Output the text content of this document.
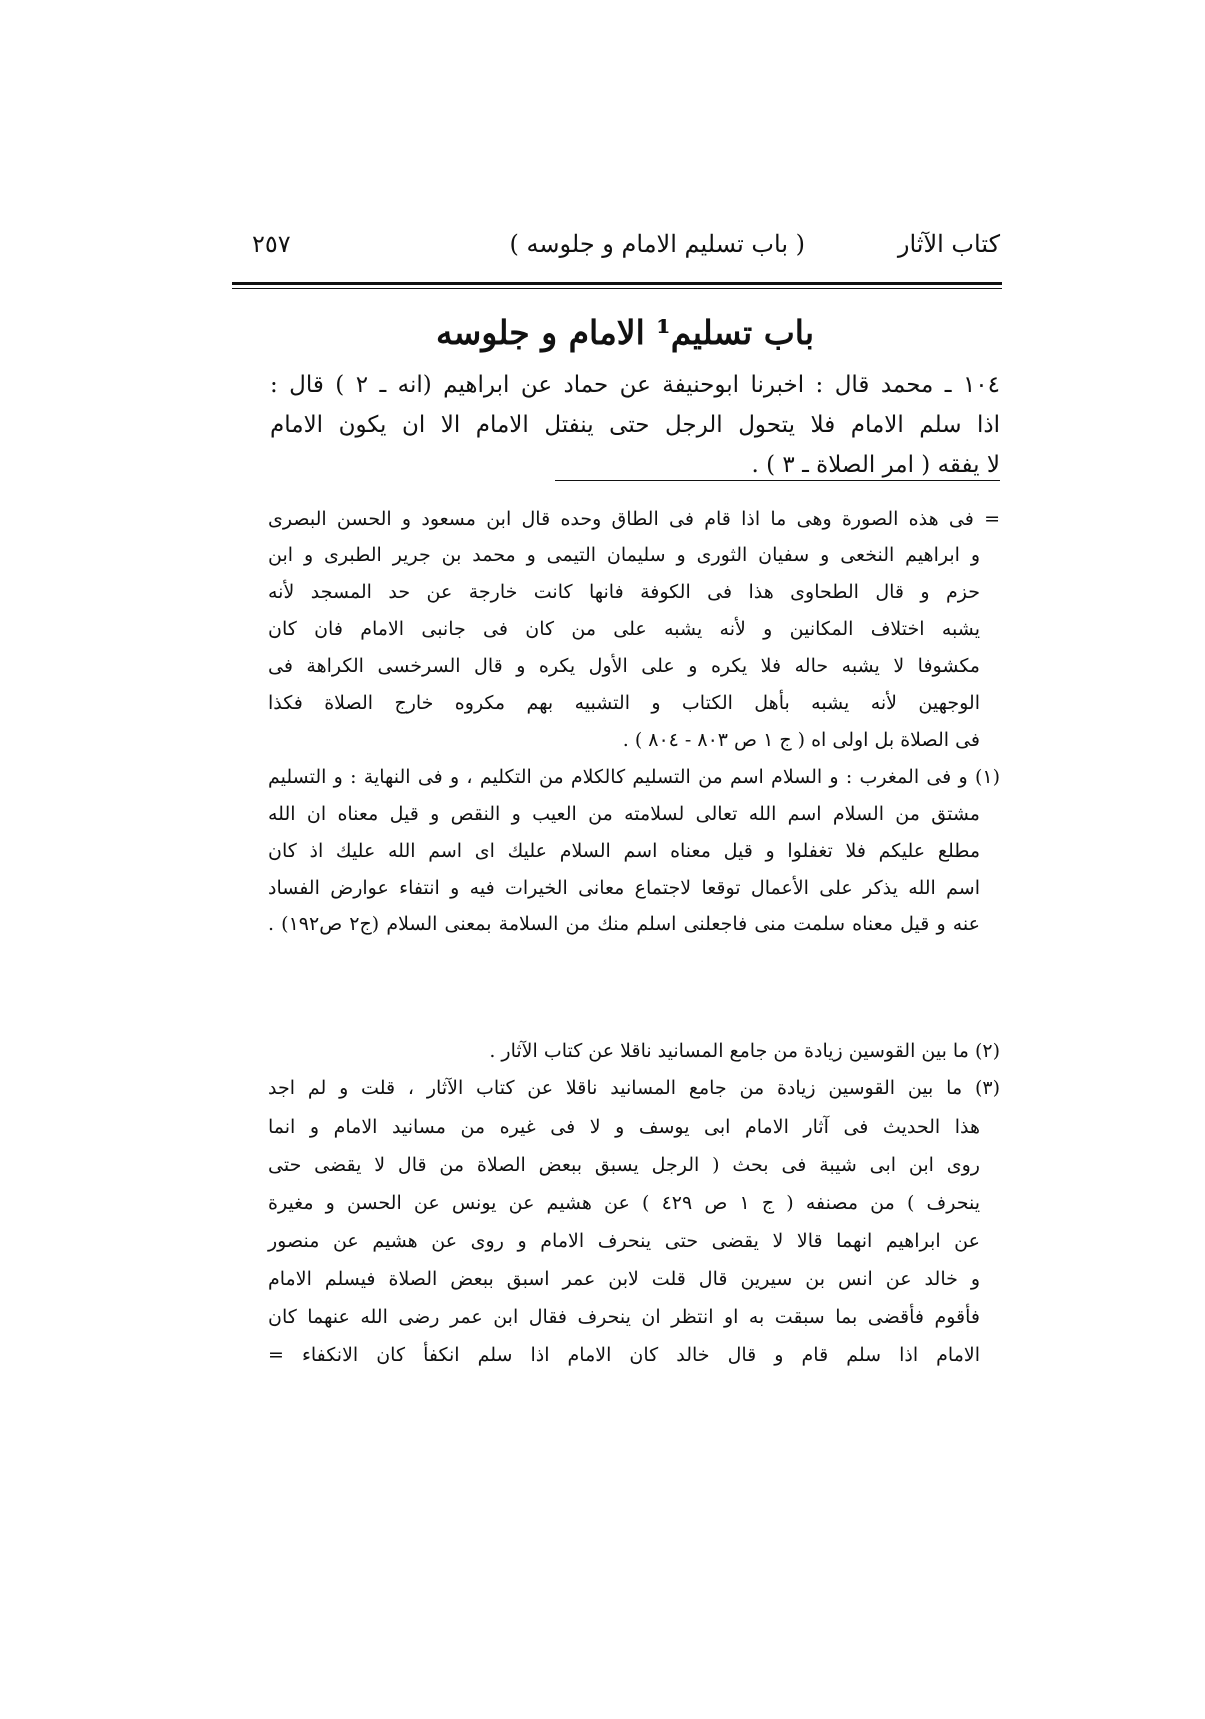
كتاب الآثار
( باب تسليم الامام و جلوسه )
٢٥٧
باب تسليم¹ الامام و جلوسه
١٠٤ ـ محمد قال : اخبرنا ابوحنيفة عن حماد عن ابراهيم (انه ـ ٢ ) قال :
اذا سلم الامام فلا يتحول الرجل حتى ينفتل الامام الا ان يكون الامام
لا يفقه ( امر الصلاة ـ ٣ ) .
= فى هذه الصورة وهى ما اذا قام فى الطاق وحده قال ابن مسعود و الحسن البصرى
و ابراهيم النخعى و سفيان الثورى و سليمان التيمى و محمد بن جرير الطبرى و ابن
حزم و قال الطحاوى هذا فى الكوفة فانها كانت خارجة عن حد المسجد لأنه
يشبه اختلاف المكانين و لأنه يشبه على من كان فى جانبى الامام فان كان
مكشوفا لا يشبه حاله فلا يكره و على الأول يكره و قال السرخسى الكراهة فى
الوجهين لأنه يشبه بأهل الكتاب و التشبيه بهم مكروه خارج الصلاة فكذا
فى الصلاة بل اولى اه ( ج ١ ص ٨٠٣ - ٨٠٤ ) .
(١) و فى المغرب : و السلام اسم من التسليم كالكلام من التكليم ، و فى النهاية : و التسليم
مشتق من السلام اسم الله تعالى لسلامته من العيب و النقص و قيل معناه ان الله
مطلع عليكم فلا تغفلوا و قيل معناه اسم السلام عليك اى اسم الله عليك اذ كان
اسم الله يذكر على الأعمال توقعا لاجتماع معانى الخيرات فيه و انتفاء عوارض الفساد
عنه و قيل معناه سلمت منى فاجعلنى اسلم منك من السلامة بمعنى السلام (ج٢ ص١٩٢) .
(٢) ما بين القوسين زيادة من جامع المسانيد ناقلا عن كتاب الآثار .
(٣) ما بين القوسين زيادة من جامع المسانيد ناقلا عن كتاب الآثار ، قلت و لم اجد
هذا الحديث فى آثار الامام ابى يوسف و لا فى غيره من مسانيد الامام و انما
روى ابن ابى شيبة فى بحث ( الرجل يسبق ببعض الصلاة من قال لا يقضى حتى
ينحرف ) من مصنفه ( ج ١ ص ٤٢٩ ) عن هشيم عن يونس عن الحسن و مغيرة
عن ابراهيم انهما قالا لا يقضى حتى ينحرف الامام و روى عن هشيم عن منصور
و خالد عن انس بن سيرين قال قلت لابن عمر اسبق ببعض الصلاة فيسلم الامام
فأقوم فأقضى بما سبقت به او انتظر ان ينحرف فقال ابن عمر رضى الله عنهما كان
الامام اذا سلم قام و قال خالد كان الامام اذا سلم انكفأ كان الانكفاء =
